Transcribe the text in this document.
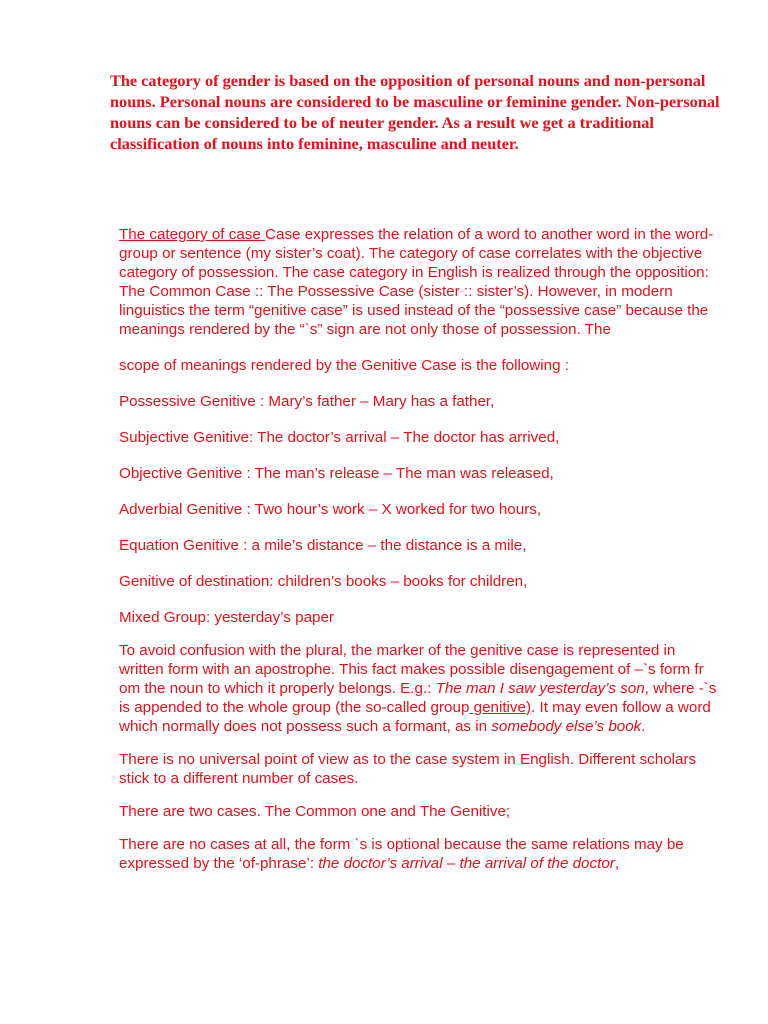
The category of gender is based on the opposition of personal nouns and non-personal nouns. Personal nouns are considered to be masculine or feminine gender. Non-personal nouns can be considered to be of neuter gender. As a result we get a traditional classification of nouns into feminine, masculine and neuter.

The category of case Case expresses the relation of a word to another word in the word-group or sentence (my sister’s coat). The category of case correlates with the objective category of possession. The case category in English is realized through the opposition: The Common Case :: The Possessive Case (sister :: sister’s). However, in modern linguistics the term “genitive case” is used instead of the “possessive case” because the meanings rendered by the “`s” sign are not only those of possession. The

scope of meanings rendered by the Genitive Case is the following :

Possessive Genitive : Mary’s father – Mary has a father,

Subjective Genitive: The doctor’s arrival – The doctor has arrived,

Objective Genitive : The man’s release – The man was released,

Adverbial Genitive : Two hour’s work – X worked for two hours,

Equation Genitive : a mile’s distance – the distance is a mile,

Genitive of destination: children’s books – books for children,

Mixed Group: yesterday’s paper

To avoid confusion with the plural, the marker of the genitive case is represented in written form with an apostrophe. This fact makes possible disengagement of –`s form fr om the noun to which it properly belongs. E.g.: The man I saw yesterday’s son, where -`s is appended to the whole group (the so-called group genitive). It may even follow a word which normally does not possess such a formant, as in somebody else’s book.

There is no universal point of view as to the case system in English. Different scholars stick to a different number of cases.

There are two cases. The Common one and The Genitive;

There are no cases at all, the form `s is optional because the same relations may be expressed by the ‘of-phrase’: the doctor’s arrival – the arrival of the doctor,
